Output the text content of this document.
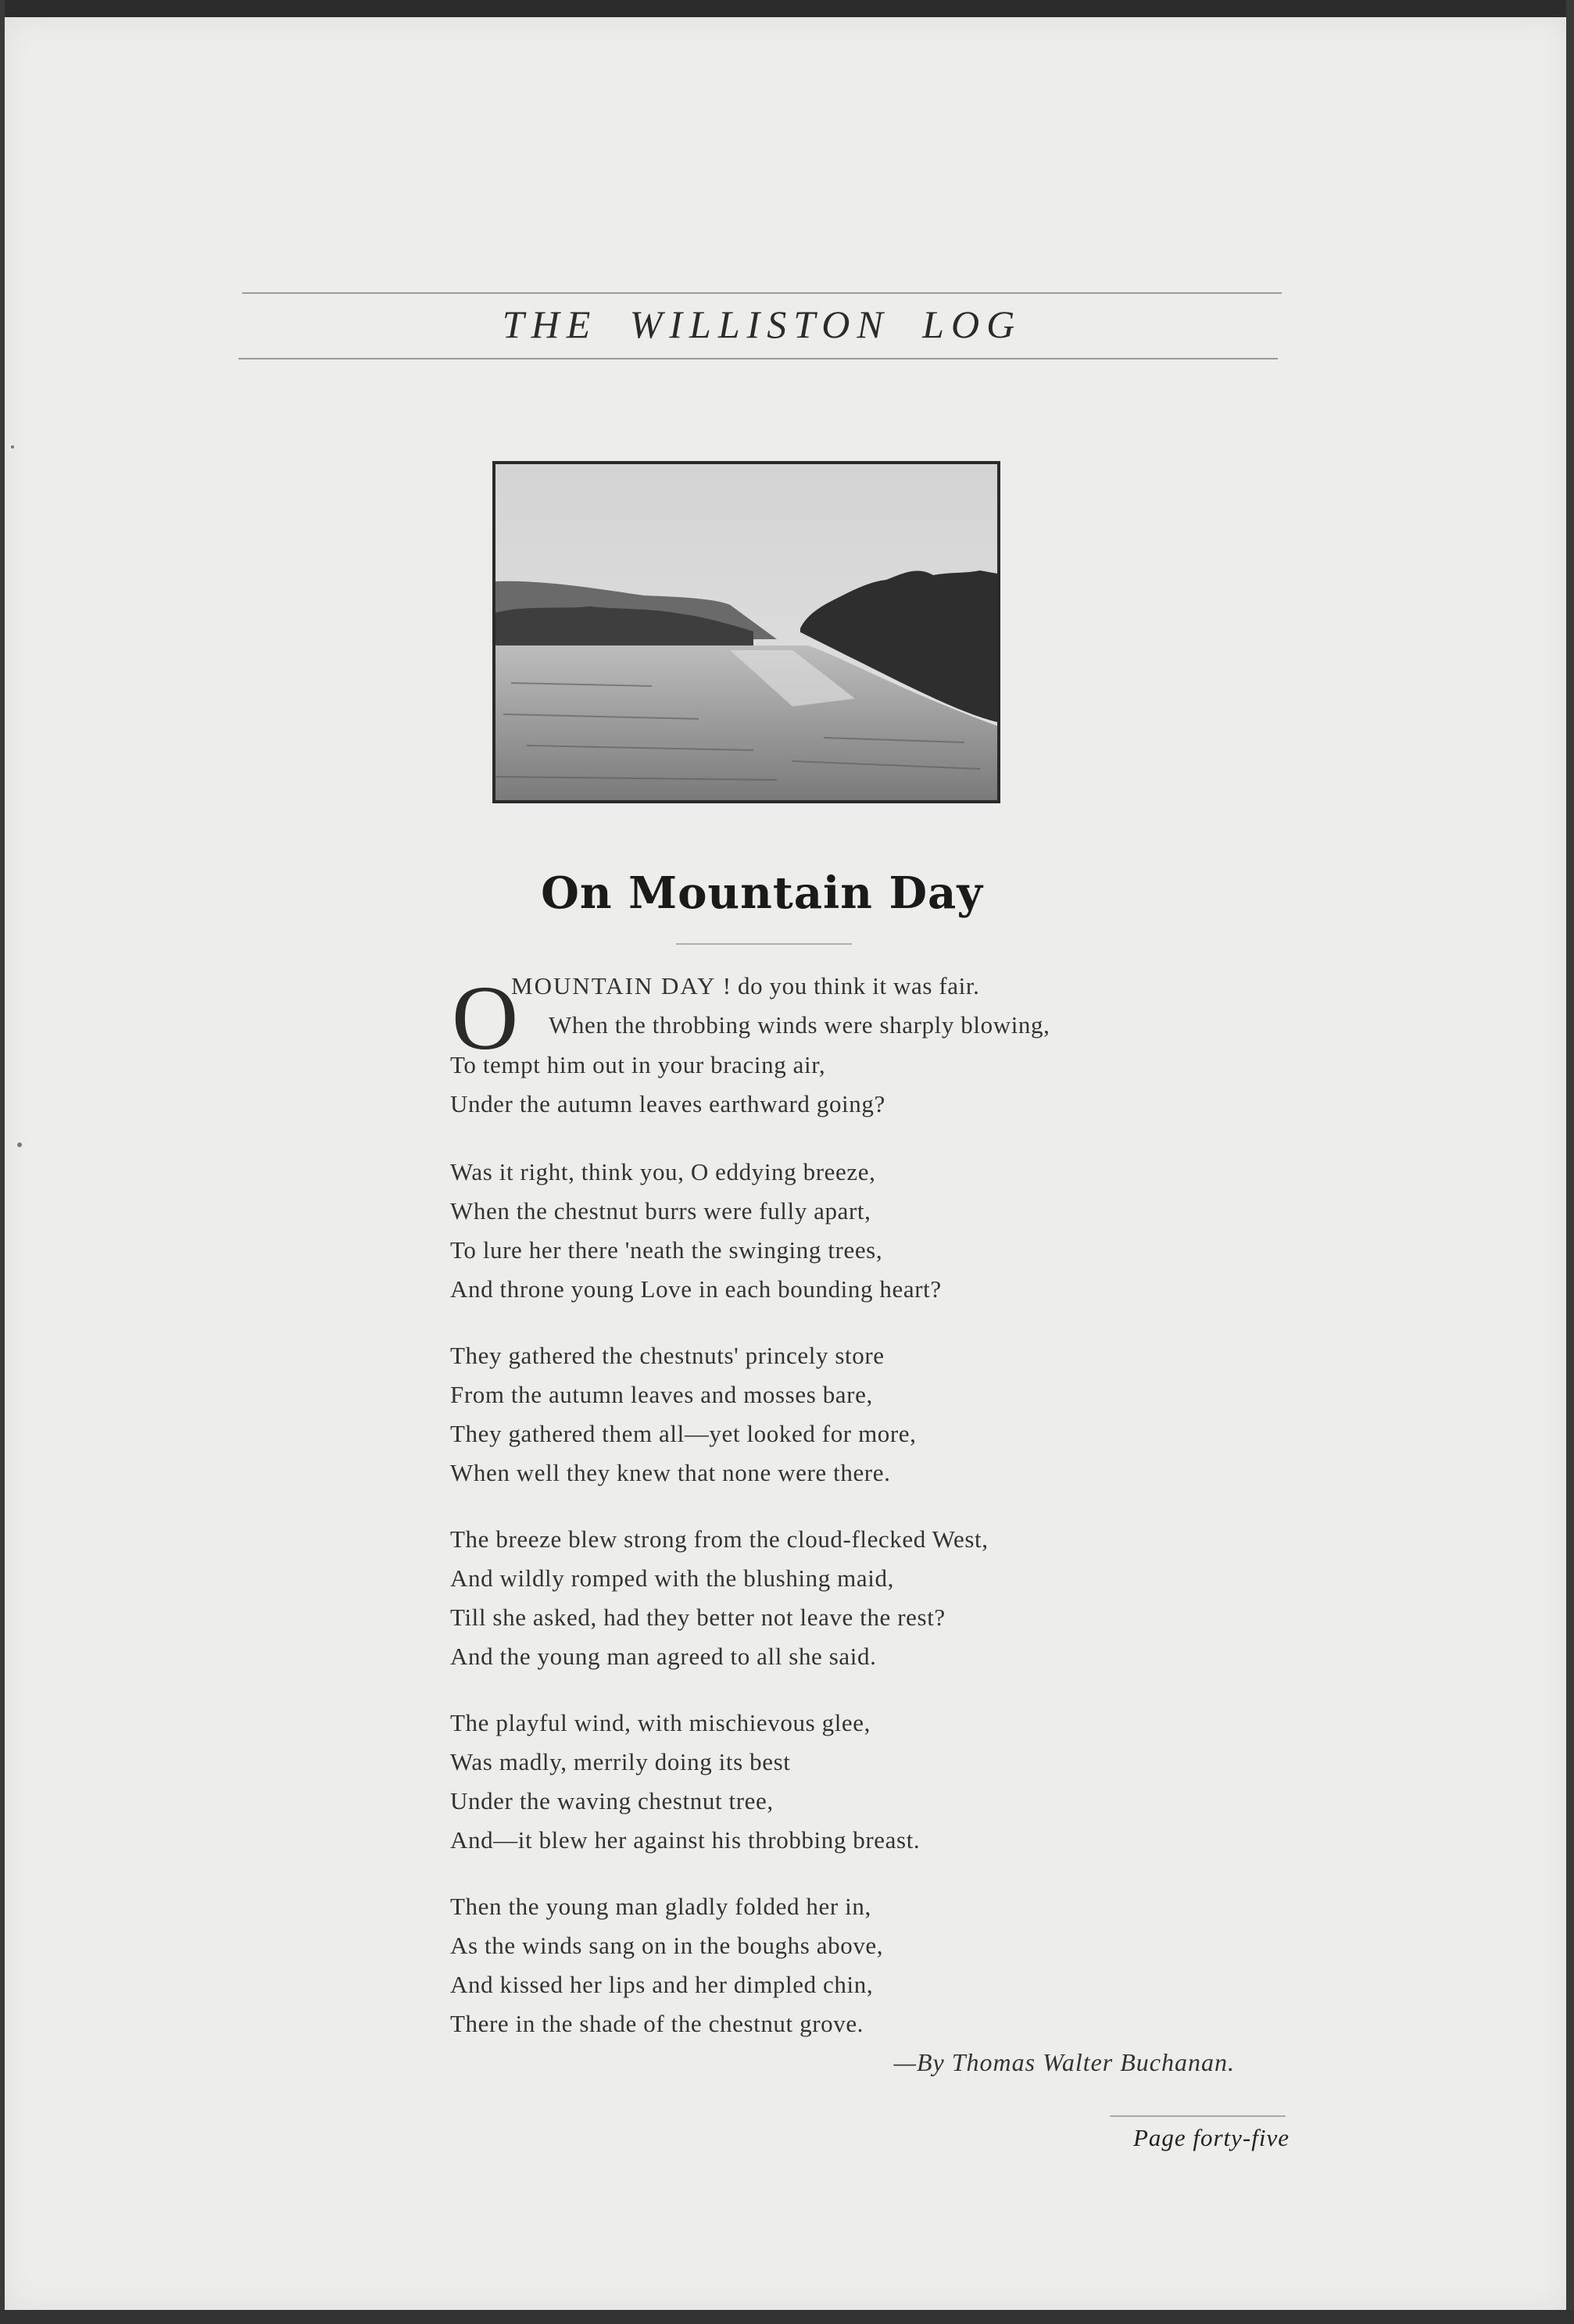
THE WILLISTON LOG
On Mountain Day
O
MOUNTAIN DAY ! do you think it was fair.
When the throbbing winds were sharply blowing,
To tempt him out in your bracing air,
Under the autumn leaves earthward going?
Was it right, think you, O eddying breeze,
When the chestnut burrs were fully apart,
To lure her there 'neath the swinging trees,
And throne young Love in each bounding heart?
They gathered the chestnuts' princely store
From the autumn leaves and mosses bare,
They gathered them all—yet looked for more,
When well they knew that none were there.
The breeze blew strong from the cloud-flecked West,
And wildly romped with the blushing maid,
Till she asked, had they better not leave the rest?
And the young man agreed to all she said.
The playful wind, with mischievous glee,
Was madly, merrily doing its best
Under the waving chestnut tree,
And—it blew her against his throbbing breast.
Then the young man gladly folded her in,
As the winds sang on in the boughs above,
And kissed her lips and her dimpled chin,
There in the shade of the chestnut grove.
—By Thomas Walter Buchanan.
Page forty-five
